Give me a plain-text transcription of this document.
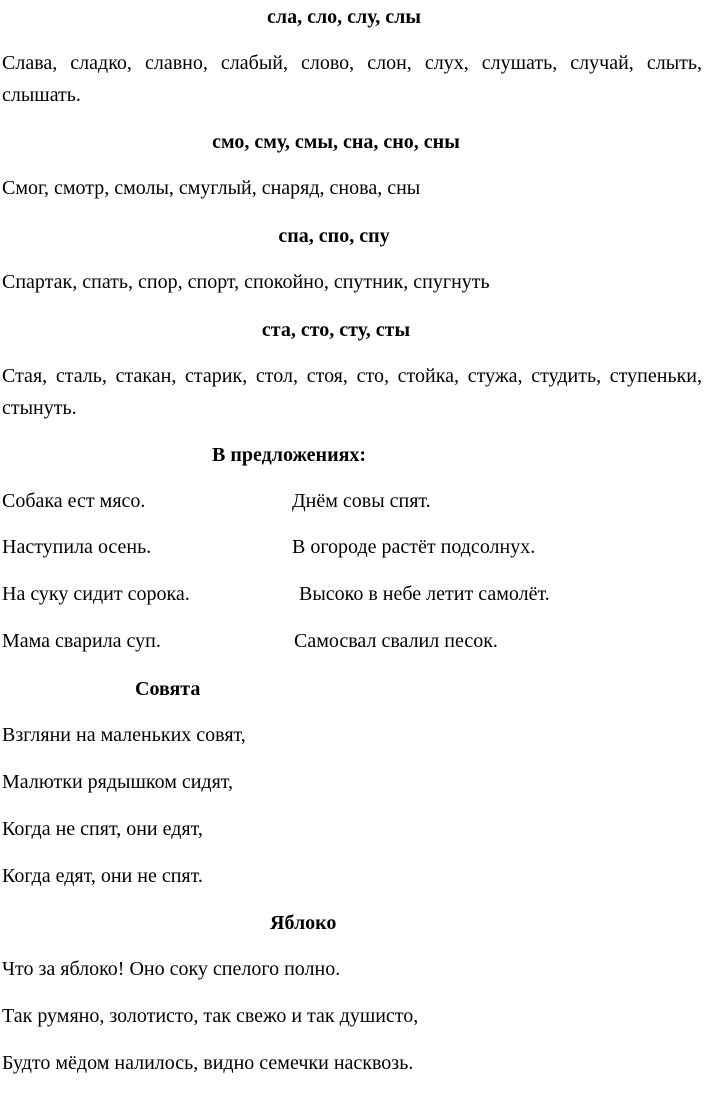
сла, сло, слу, слы

Слава, сладко, славно, слабый, слово, слон, слух, слушать, случай, слыть, слышать.

смо, сму, смы, сна, сно, сны
Смог, смотр, смолы, смуглый, снаряд, снова, сны
спа, спо, спу
Спартак, спать, спор, спорт, спокойно, спутник, спугнуть
ста, сто, сту, сты

Стая, сталь, стакан, старик, стол, стоя, сто, стойка, стужа, студить, ступеньки, стынуть.

В предложениях:
Собака ест мясо.	Днём совы спят.
Наступила осень.	В огороде растёт подсолнух.
На суку сидит сорока.	Высоко в небе летит самолёт.
Мама сварила суп.	Самосвал свалил песок.
Совята
Взгляни на маленьких совят,
Малютки рядышком сидят,
Когда не спят, они едят,
Когда едят, они не спят.
Яблоко
Что за яблоко! Оно соку спелого полно.
Так румяно, золотисто, так свежо и так душисто,
Будто мёдом налилось, видно семечки насквозь.
